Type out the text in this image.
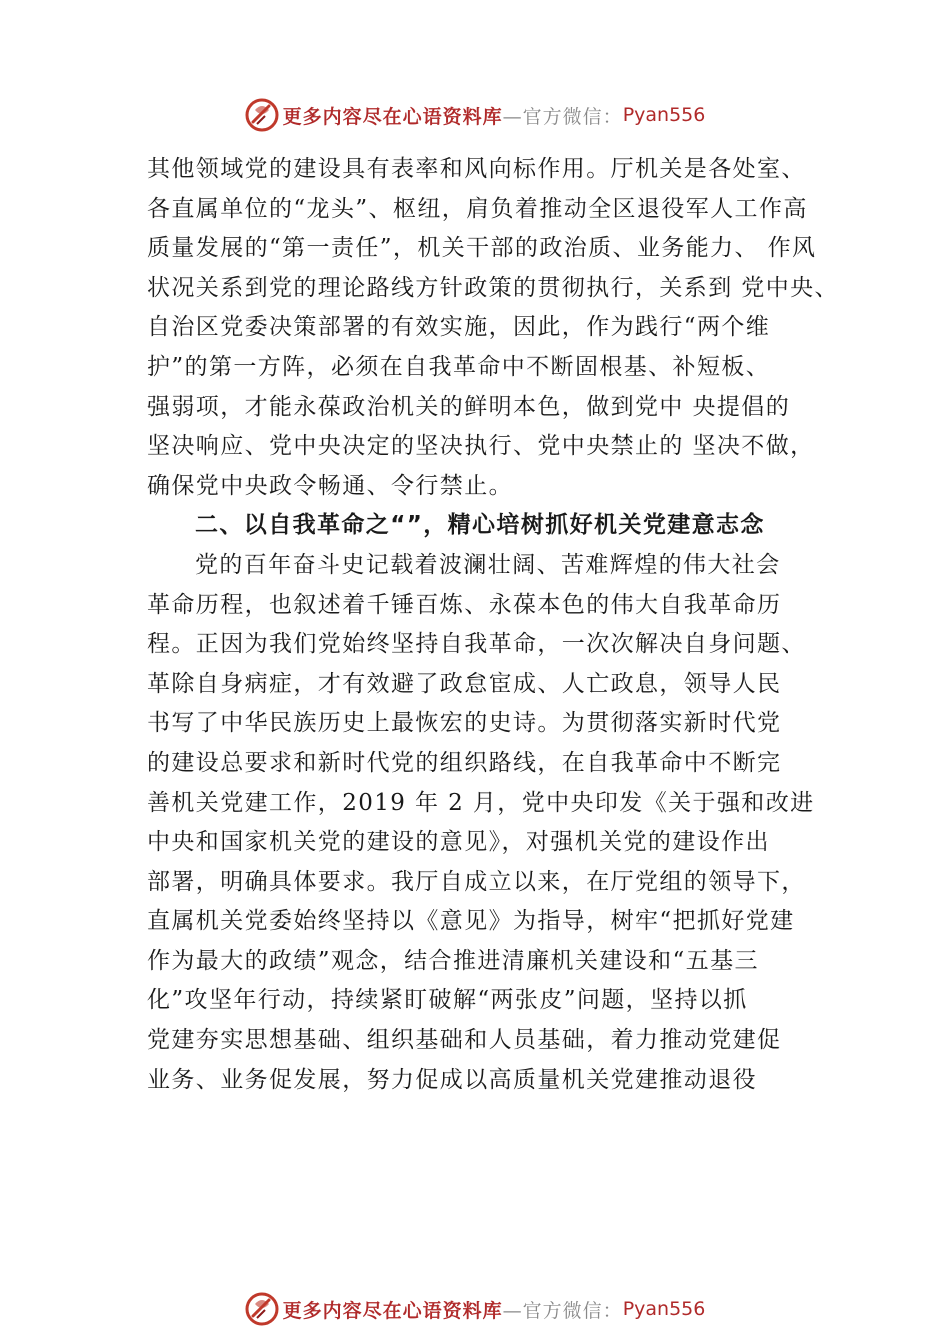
更多内容尽在心语资料库 —官方微信： Pyan556
其他领域党的建设具有表率和风向标作用。厅机关是各处室、
各直属单位的“龙头”、枢纽，肩负着推动全区退役军人工作高
质量发展的“第一责任”，机关干部的政治质、业务能力、 作风
状况关系到党的理论路线方针政策的贯彻执行，关系到 党中央、
自治区党委决策部署的有效实施，因此，作为践行“两个维
护”的第一方阵，必须在自我革命中不断固根基、补短板、
强弱项，才能永葆政治机关的鲜明本色，做到党中 央提倡的
坚决响应、党中央决定的坚决执行、党中央禁止的 坚决不做，
确保党中央政令畅通、令行禁止。
二、以自我革命之“”，精心培树抓好机关党建意志念
党的百年奋斗史记载着波澜壮阔、苦难辉煌的伟大社会
革命历程，也叙述着千锤百炼、永葆本色的伟大自我革命历
程。正因为我们党始终坚持自我革命，一次次解决自身问题、
革除自身病症，才有效避了政怠宦成、人亡政息，领导人民
书写了中华民族历史上最恢宏的史诗。为贯彻落实新时代党
的建设总要求和新时代党的组织路线，在自我革命中不断完
善机关党建工作，2019 年 2 月，党中央印发《关于强和改进
中央和国家机关党的建设的意见》，对强机关党的建设作出
部署，明确具体要求。我厅自成立以来，在厅党组的领导下，
直属机关党委始终坚持以《意见》为指导，树牢“把抓好党建
作为最大的政绩”观念，结合推进清廉机关建设和“五基三
化”攻坚年行动，持续紧盯破解“两张皮”问题，坚持以抓
党建夯实思想基础、组织基础和人员基础，着力推动党建促
业务、业务促发展，努力促成以高质量机关党建推动退役
更多内容尽在心语资料库 —官方微信： Pyan556
